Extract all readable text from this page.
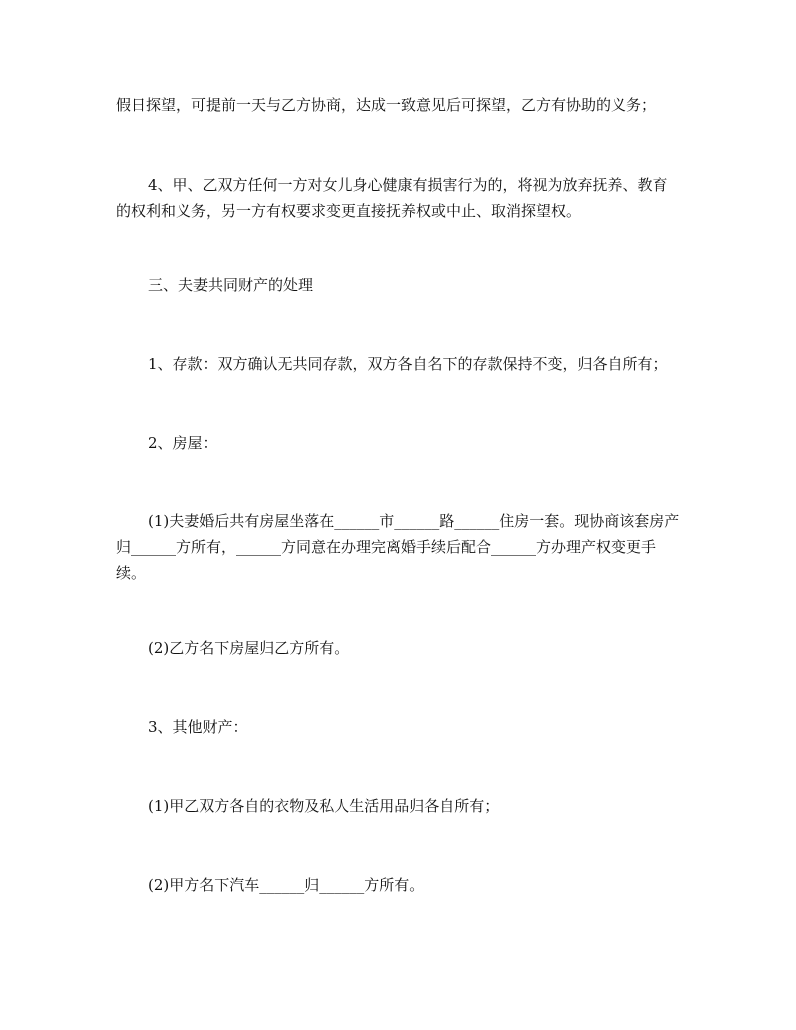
假日探望，可提前一天与乙方协商，达成一致意见后可探望，乙方有协助的义务；

4、甲、乙双方任何一方对女儿身心健康有损害行为的，将视为放弃抚养、教育的权利和义务，另一方有权要求变更直接抚养权或中止、取消探望权。

三、夫妻共同财产的处理

1、存款：双方确认无共同存款，双方各自名下的存款保持不变，归各自所有；

2、房屋：

(1)夫妻婚后共有房屋坐落在______市______路______住房一套。现协商该套房产归______方所有，______方同意在办理完离婚手续后配合______方办理产权变更手续。

(2)乙方名下房屋归乙方所有。

3、其他财产：

(1)甲乙双方各自的衣物及私人生活用品归各自所有；

(2)甲方名下汽车______归______方所有。
